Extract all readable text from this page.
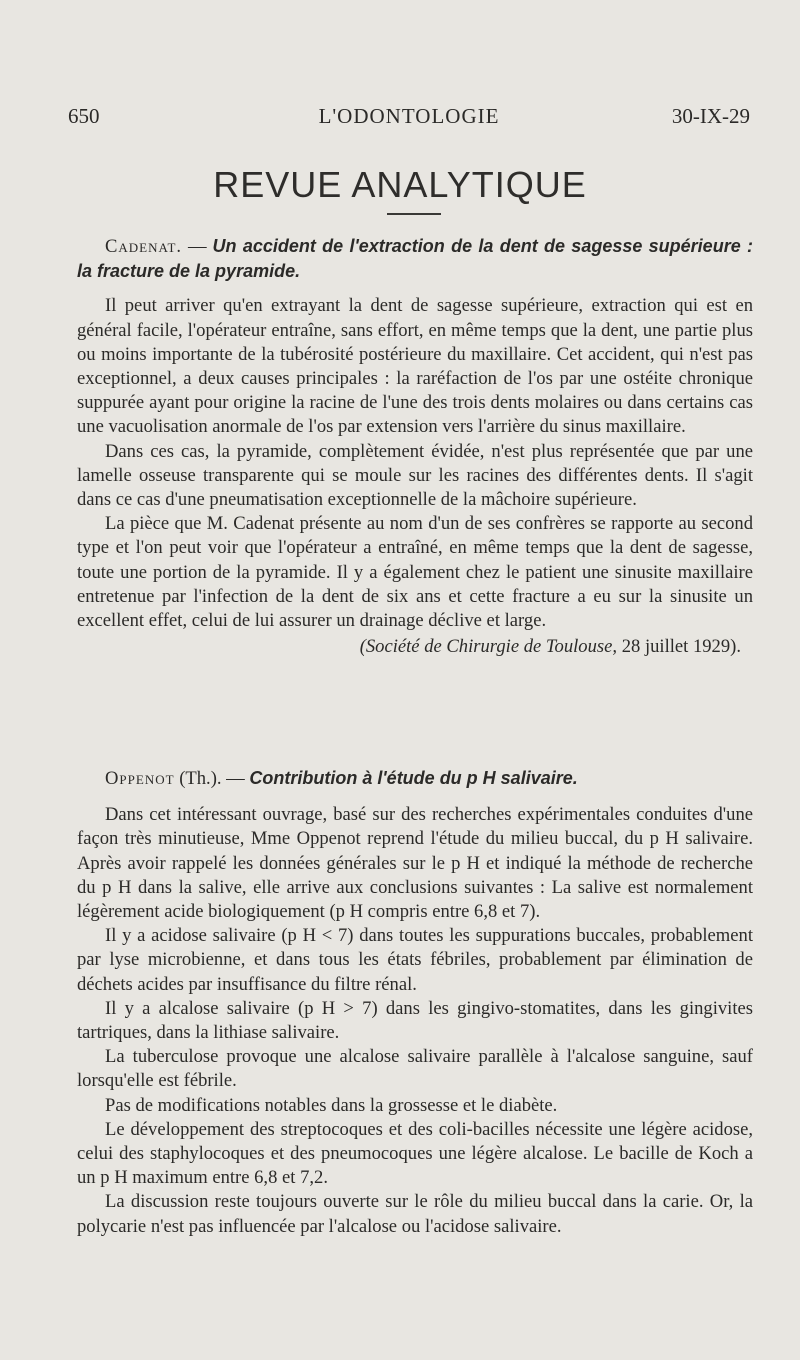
650	L'ODONTOLOGIE	30-IX-29
REVUE ANALYTIQUE

Cadenat. — Un accident de l'extraction de la dent de sagesse supérieure : la fracture de la pyramide.

Il peut arriver qu'en extrayant la dent de sagesse supérieure, extraction qui est en général facile, l'opérateur entraîne, sans effort, en même temps que la dent, une partie plus ou moins importante de la tubérosité postérieure du maxillaire. Cet accident, qui n'est pas exceptionnel, a deux causes principales : la raréfaction de l'os par une ostéite chronique suppurée ayant pour origine la racine de l'une des trois dents molaires ou dans certains cas une vacuolisation anormale de l'os par extension vers l'arrière du sinus maxillaire.

Dans ces cas, la pyramide, complètement évidée, n'est plus représentée que par une lamelle osseuse transparente qui se moule sur les racines des différentes dents. Il s'agit dans ce cas d'une pneumatisation exceptionnelle de la mâchoire supérieure.

La pièce que M. Cadenat présente au nom d'un de ses confrères se rapporte au second type et l'on peut voir que l'opérateur a entraîné, en même temps que la dent de sagesse, toute une portion de la pyramide. Il y a également chez le patient une sinusite maxillaire entretenue par l'infection de la dent de six ans et cette fracture a eu sur la sinusite un excellent effet, celui de lui assurer un drainage déclive et large.

(Société de Chirurgie de Toulouse, 28 juillet 1929).

Oppenot (Th.). — Contribution à l'étude du p H salivaire.

Dans cet intéressant ouvrage, basé sur des recherches expérimentales conduites d'une façon très minutieuse, Mme Oppenot reprend l'étude du milieu buccal, du p H salivaire. Après avoir rappelé les données générales sur le p H et indiqué la méthode de recherche du p H dans la salive, elle arrive aux conclusions suivantes : La salive est normalement légèrement acide biologiquement (p H compris entre 6,8 et 7).

Il y a acidose salivaire (p H < 7) dans toutes les suppurations buccales, probablement par lyse microbienne, et dans tous les états fébriles, probablement par élimination de déchets acides par insuffisance du filtre rénal.

Il y a alcalose salivaire (p H > 7) dans les gingivo-stomatites, dans les gingivites tartriques, dans la lithiase salivaire.

La tuberculose provoque une alcalose salivaire parallèle à l'alcalose sanguine, sauf lorsqu'elle est fébrile.

Pas de modifications notables dans la grossesse et le diabète.

Le développement des streptocoques et des coli-bacilles nécessite une légère acidose, celui des staphylocoques et des pneumocoques une légère alcalose. Le bacille de Koch a un p H maximum entre 6,8 et 7,2.

La discussion reste toujours ouverte sur le rôle du milieu buccal dans la carie. Or, la polycarie n'est pas influencée par l'alcalose ou l'acidose salivaire.
